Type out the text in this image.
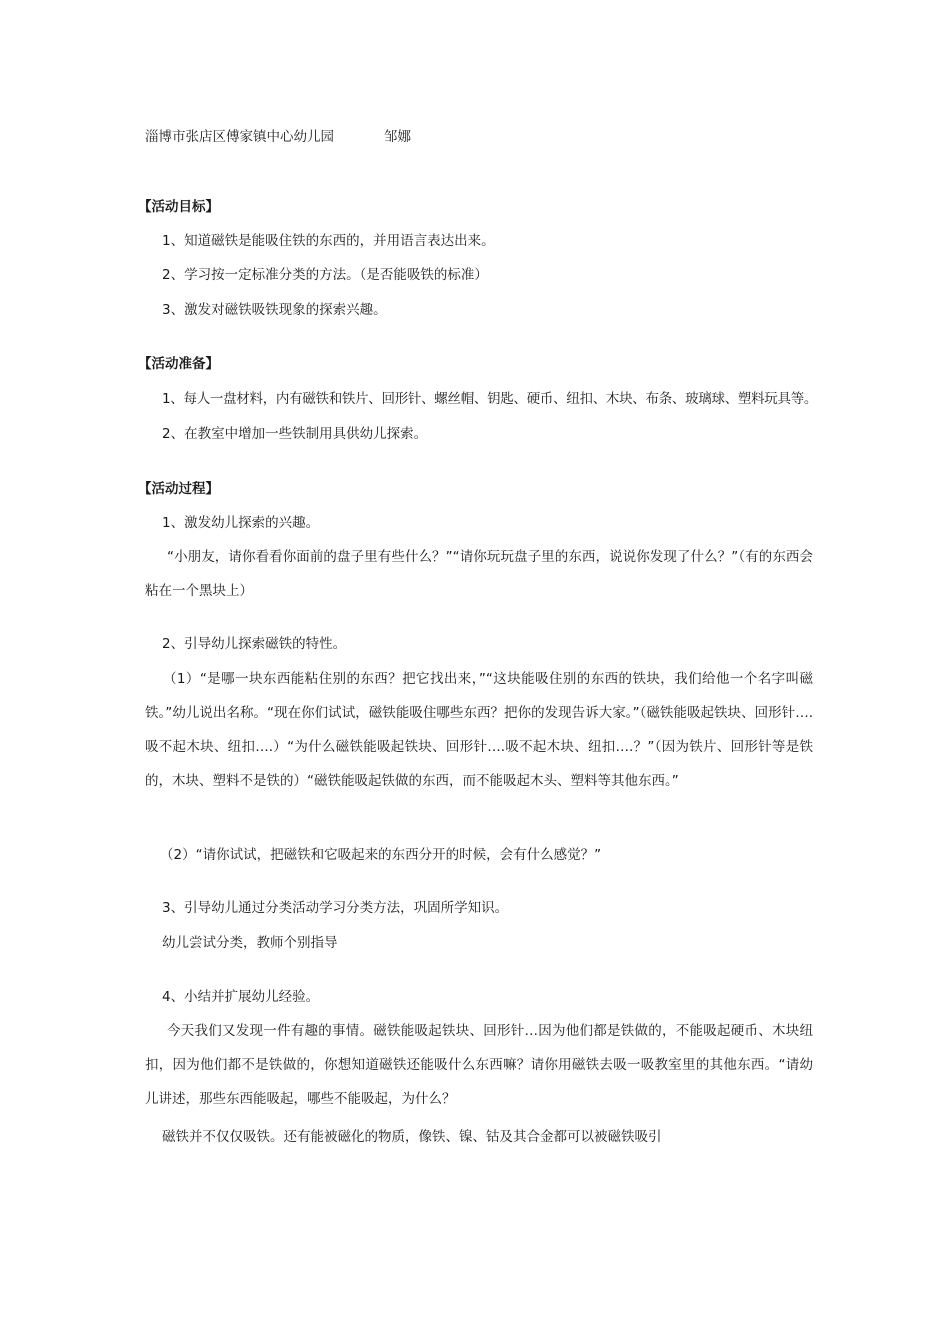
淄博市张店区傅家镇中心幼儿园	邹娜
【活动目标】
1、知道磁铁是能吸住铁的东西的，并用语言表达出来。
2、学习按一定标准分类的方法。（是否能吸铁的标准）
3、激发对磁铁吸铁现象的探索兴趣。
【活动准备】
1、每人一盘材料，内有磁铁和铁片、回形针、螺丝帽、钥匙、硬币、纽扣、木块、布条、玻璃球、塑料玩具等。
2、在教室中增加一些铁制用具供幼儿探索。
【活动过程】
1、激发幼儿探索的兴趣。
“小朋友，请你看看你面前的盘子里有些什么？”“请你玩玩盘子里的东西，说说你发现了什么？”（有的东西会粘在一个黑块上）
2、引导幼儿探索磁铁的特性。
（1）“是哪一块东西能粘住别的东西？把它找出来，”“这块能吸住别的东西的铁块，我们给他一个名字叫磁铁。”幼儿说出名称。“现在你们试试，磁铁能吸住哪些东西？把你的发现告诉大家。”（磁铁能吸起铁块、回形针….吸不起木块、纽扣….）“为什么磁铁能吸起铁块、回形针….吸不起木块、纽扣….？”（因为铁片、回形针等是铁的，木块、塑料不是铁的）“磁铁能吸起铁做的东西，而不能吸起木头、塑料等其他东西。”
（2）“请你试试，把磁铁和它吸起来的东西分开的时候，会有什么感觉？”
3、引导幼儿通过分类活动学习分类方法，巩固所学知识。
幼儿尝试分类，教师个别指导
4、小结并扩展幼儿经验。
今天我们又发现一件有趣的事情。磁铁能吸起铁块、回形针…因为他们都是铁做的，不能吸起硬币、木块纽扣，因为他们都不是铁做的，你想知道磁铁还能吸什么东西嘛？请你用磁铁去吸一吸教室里的其他东西。“请幼儿讲述，那些东西能吸起，哪些不能吸起，为什么？
磁铁并不仅仅吸铁。还有能被磁化的物质，像铁、镍、钴及其合金都可以被磁铁吸引
